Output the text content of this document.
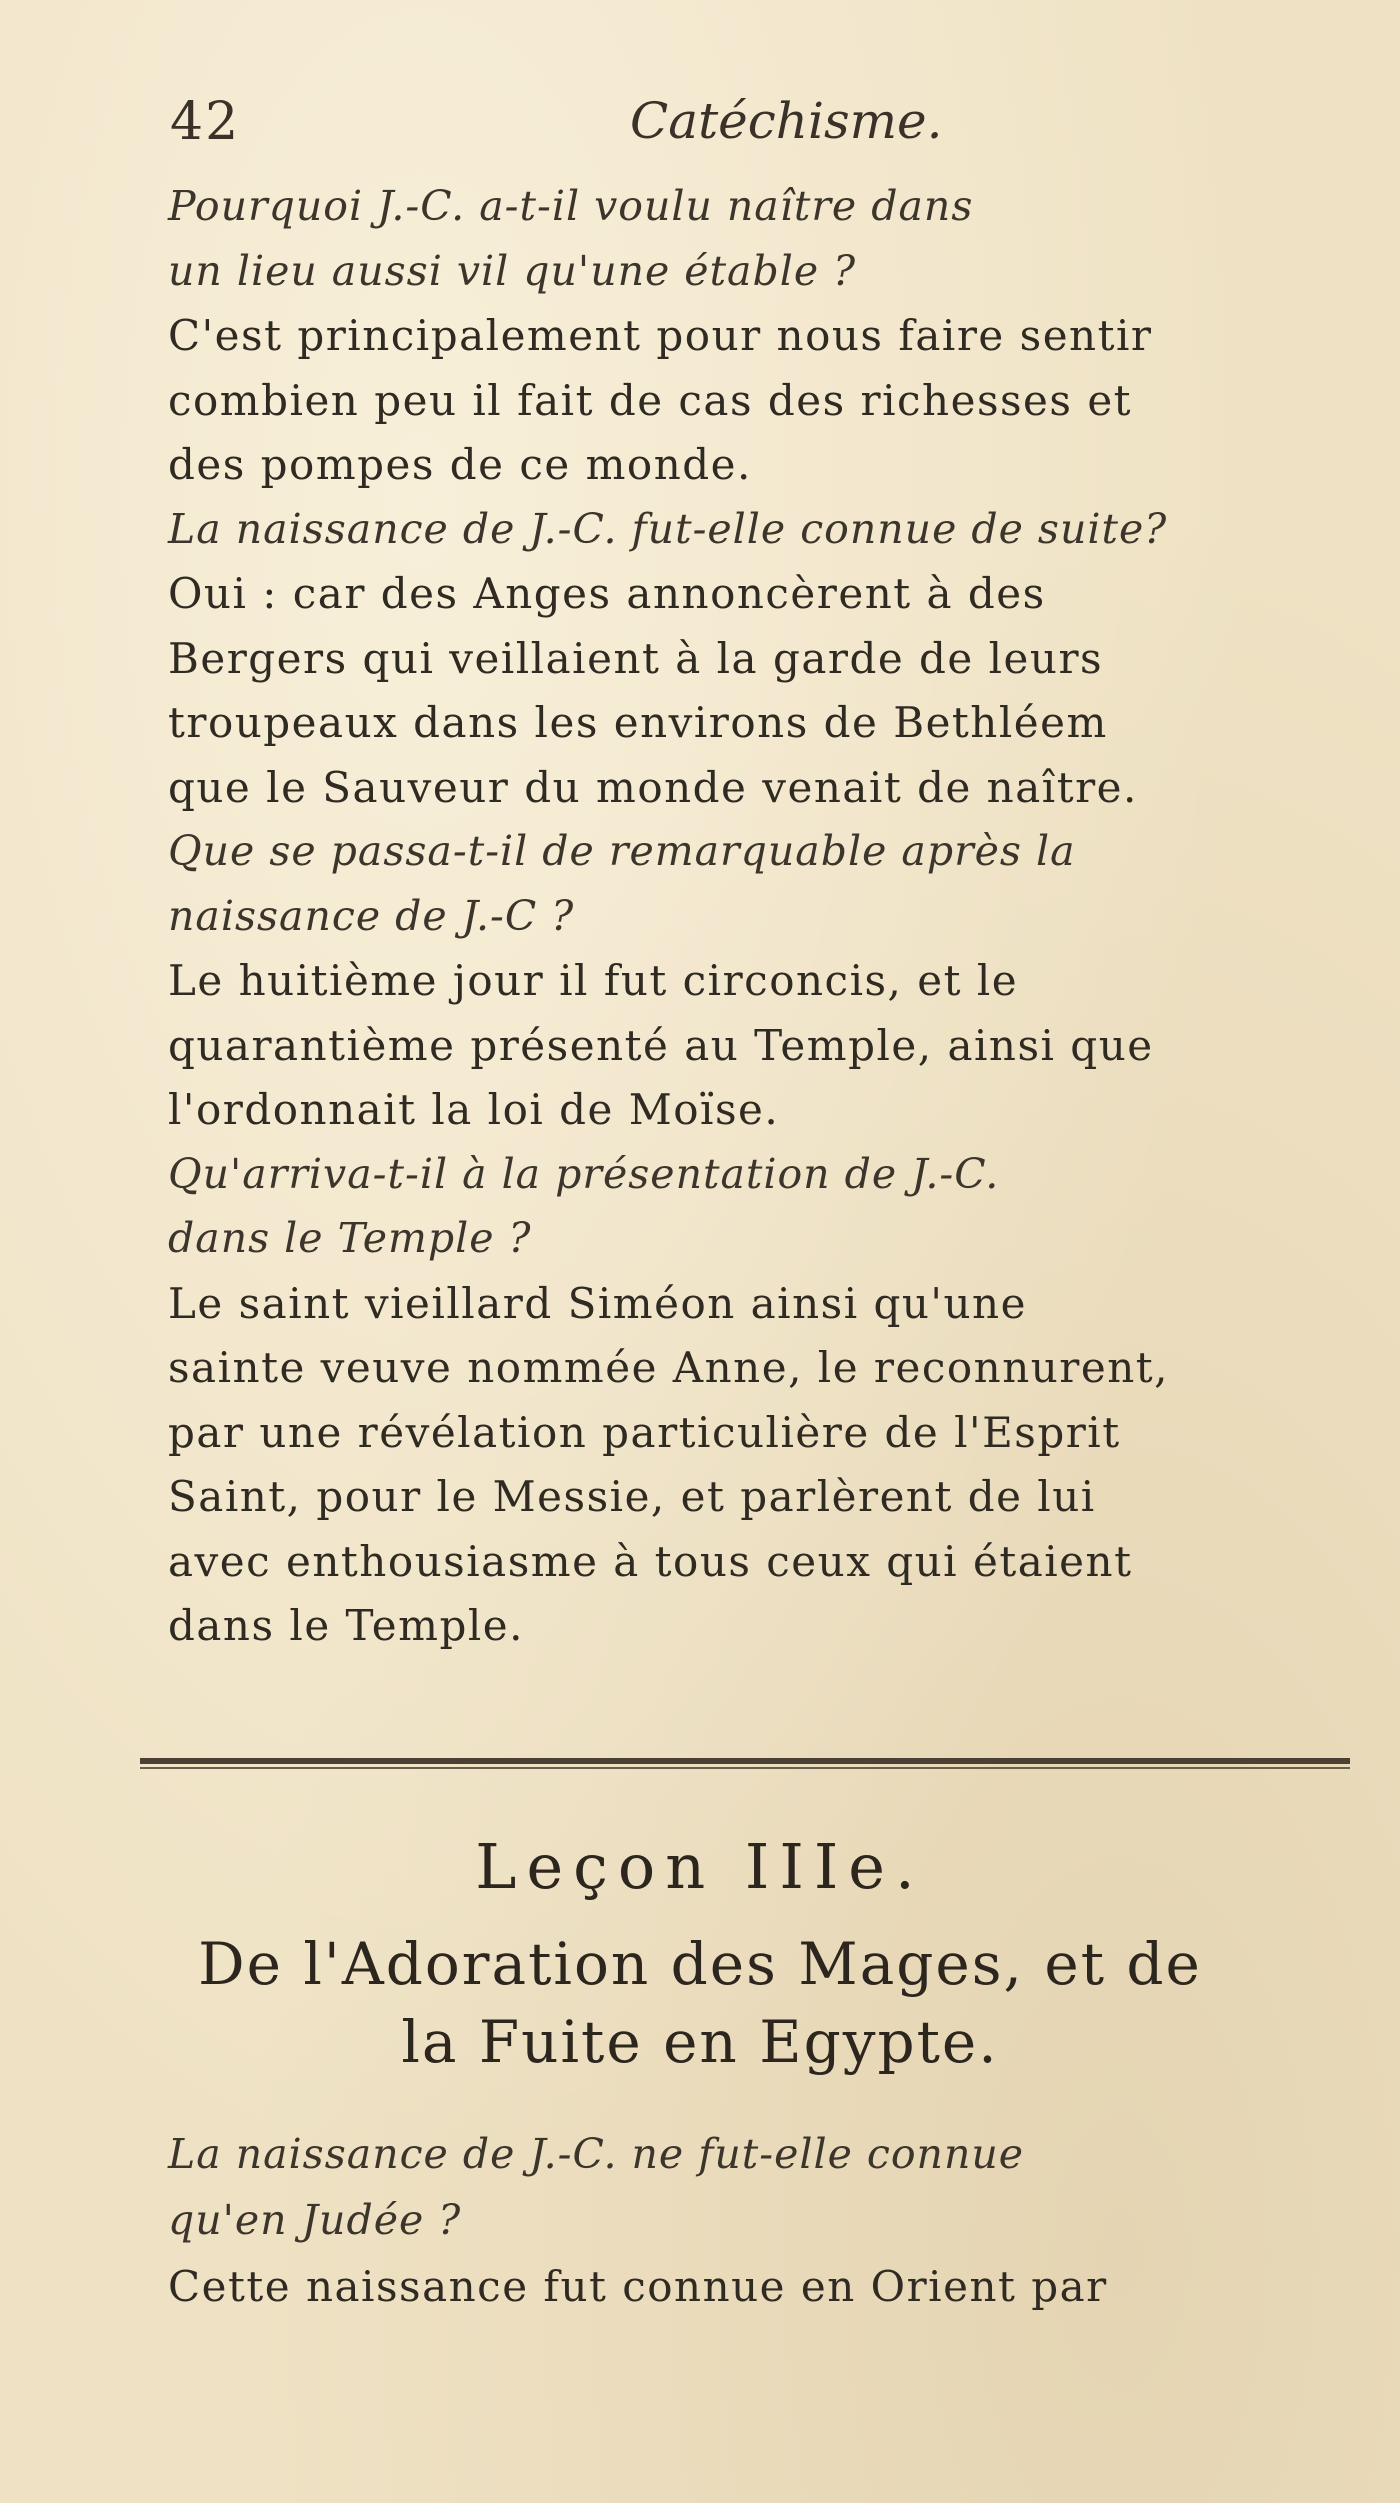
42	Catéchisme.
Pourquoi J.-C. a-t-il voulu naître dans
un lieu aussi vil qu'une étable ?
C'est principalement pour nous faire sentir
combien peu il fait de cas des richesses et
des pompes de ce monde.
La naissance de J.-C. fut-elle connue de suite?
Oui : car des Anges annoncèrent à des
Bergers qui veillaient à la garde de leurs
troupeaux dans les environs de Bethléem
que le Sauveur du monde venait de naître.
Que se passa-t-il de remarquable après la
naissance de J.-C ?
Le huitième jour il fut circoncis, et le
quarantième présenté au Temple, ainsi que
l'ordonnait la loi de Moïse.
Qu'arriva-t-il à la présentation de J.-C.
dans le Temple ?
Le saint vieillard Siméon ainsi qu'une
sainte veuve nommée Anne, le reconnurent,
par une révélation particulière de l'Esprit
Saint, pour le Messie, et parlèrent de lui
avec enthousiasme à tous ceux qui étaient
dans le Temple.
Leçon IIIe.
De l'Adoration des Mages, et de
la Fuite en Egypte.
La naissance de J.-C. ne fut-elle connue
qu'en Judée ?
Cette naissance fut connue en Orient par
